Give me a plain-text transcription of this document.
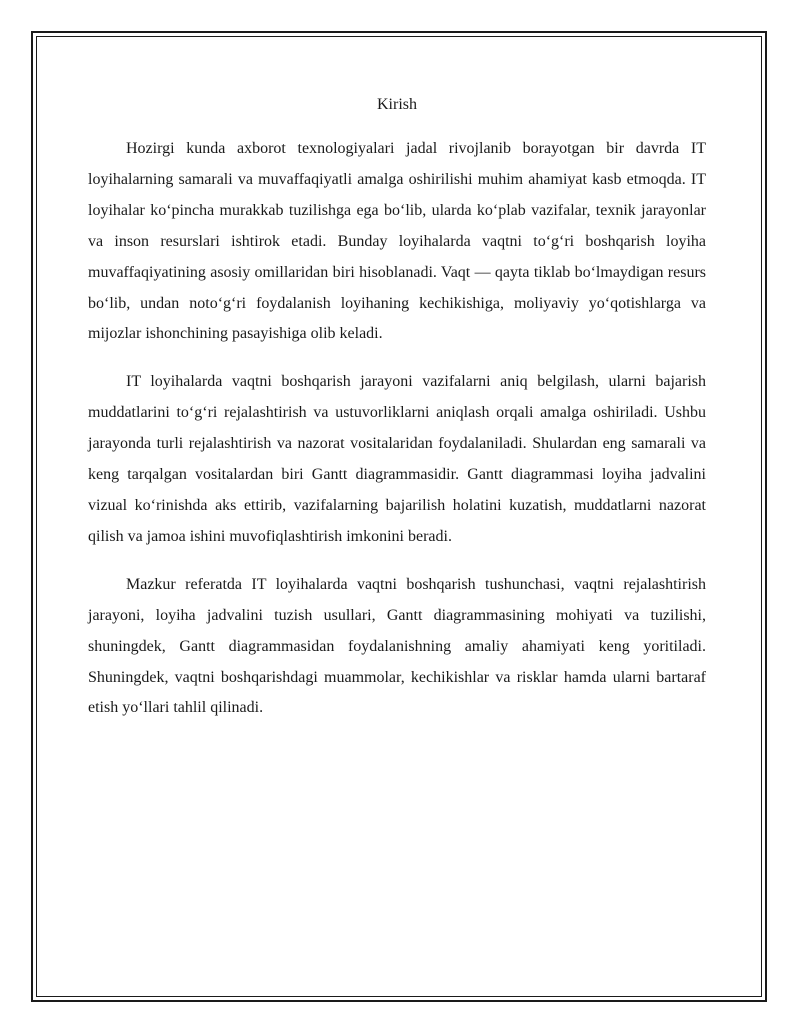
Kirish

Hozirgi kunda axborot texnologiyalari jadal rivojlanib borayotgan bir davrda IT loyihalarning samarali va muvaffaqiyatli amalga oshirilishi muhim ahamiyat kasb etmoqda. IT loyihalar koʻpincha murakkab tuzilishga ega boʻlib, ularda koʻplab vazifalar, texnik jarayonlar va inson resurslari ishtirok etadi. Bunday loyihalarda vaqtni toʻgʻri boshqarish loyiha muvaffaqiyatining asosiy omillaridan biri hisoblanadi. Vaqt — qayta tiklab boʻlmaydigan resurs boʻlib, undan notoʻgʻri foydalanish loyihaning kechikishiga, moliyaviy yoʻqotishlarga va mijozlar ishonchining pasayishiga olib keladi.

IT loyihalarda vaqtni boshqarish jarayoni vazifalarni aniq belgilash, ularni bajarish muddatlarini toʻgʻri rejalashtirish va ustuvorliklarni aniqlash orqali amalga oshiriladi. Ushbu jarayonda turli rejalashtirish va nazorat vositalaridan foydalaniladi. Shulardan eng samarali va keng tarqalgan vositalardan biri Gantt diagrammasidir. Gantt diagrammasi loyiha jadvalini vizual koʻrinishda aks ettirib, vazifalarning bajarilish holatini kuzatish, muddatlarni nazorat qilish va jamoa ishini muvofiqlashtirish imkonini beradi.

Mazkur referatda IT loyihalarda vaqtni boshqarish tushunchasi, vaqtni rejalashtirish jarayoni, loyiha jadvalini tuzish usullari, Gantt diagrammasining mohiyati va tuzilishi, shuningdek, Gantt diagrammasidan foydalanishning amaliy ahamiyati keng yoritiladi. Shuningdek, vaqtni boshqarishdagi muammolar, kechikishlar va risklar hamda ularni bartaraf etish yoʻllari tahlil qilinadi.
